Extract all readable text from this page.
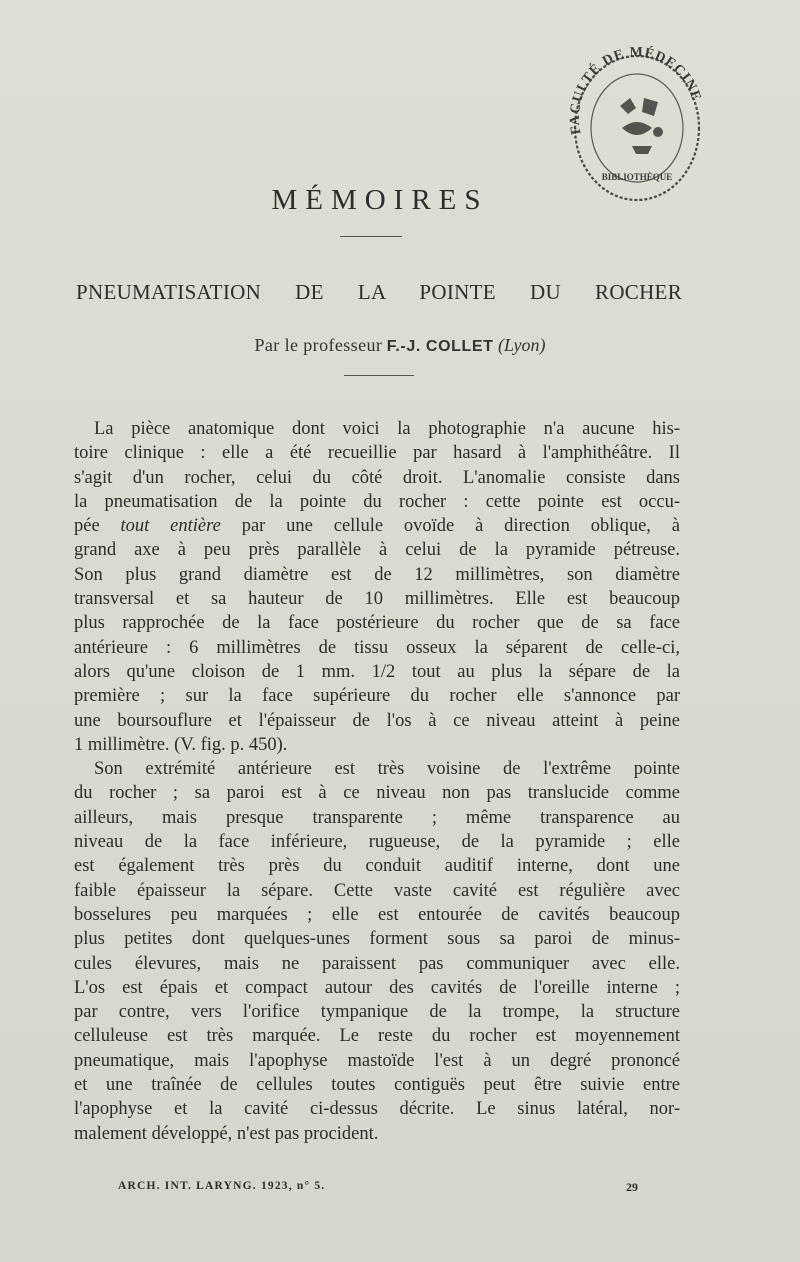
FACULTÉ DE MÉDECINE
BIBLIOTHÈQUE
MÉMOIRES
PNEUMATISATION DE LA POINTE DU ROCHER
Par le professeur F.-J. COLLET (Lyon)
La pièce anatomique dont voici la photographie n'a aucune his-
toire clinique : elle a été recueillie par hasard à l'amphithéâtre. Il
s'agit d'un rocher, celui du côté droit. L'anomalie consiste dans
la pneumatisation de la pointe du rocher : cette pointe est occu-
pée tout entière par une cellule ovoïde à direction oblique, à
grand axe à peu près parallèle à celui de la pyramide pétreuse.
Son plus grand diamètre est de 12 millimètres, son diamètre
transversal et sa hauteur de 10 millimètres. Elle est beaucoup
plus rapprochée de la face postérieure du rocher que de sa face
antérieure : 6 millimètres de tissu osseux la séparent de celle-ci,
alors qu'une cloison de 1 mm. 1/2 tout au plus la sépare de la
première ; sur la face supérieure du rocher elle s'annonce par
une boursouflure et l'épaisseur de l'os à ce niveau atteint à peine
1 millimètre. (V. fig. p. 450).
Son extrémité antérieure est très voisine de l'extrême pointe
du rocher ; sa paroi est à ce niveau non pas translucide comme
ailleurs, mais presque transparente ; même transparence au
niveau de la face inférieure, rugueuse, de la pyramide ; elle
est également très près du conduit auditif interne, dont une
faible épaisseur la sépare. Cette vaste cavité est régulière avec
bosselures peu marquées ; elle est entourée de cavités beaucoup
plus petites dont quelques-unes forment sous sa paroi de minus-
cules élevures, mais ne paraissent pas communiquer avec elle.
L'os est épais et compact autour des cavités de l'oreille interne ;
par contre, vers l'orifice tympanique de la trompe, la structure
celluleuse est très marquée. Le reste du rocher est moyennement
pneumatique, mais l'apophyse mastoïde l'est à un degré prononcé
et une traînée de cellules toutes contiguës peut être suivie entre
l'apophyse et la cavité ci-dessus décrite. Le sinus latéral, nor-
malement développé, n'est pas procident.
ARCH. INT. LARYNG. 1923, n° 5.	29
